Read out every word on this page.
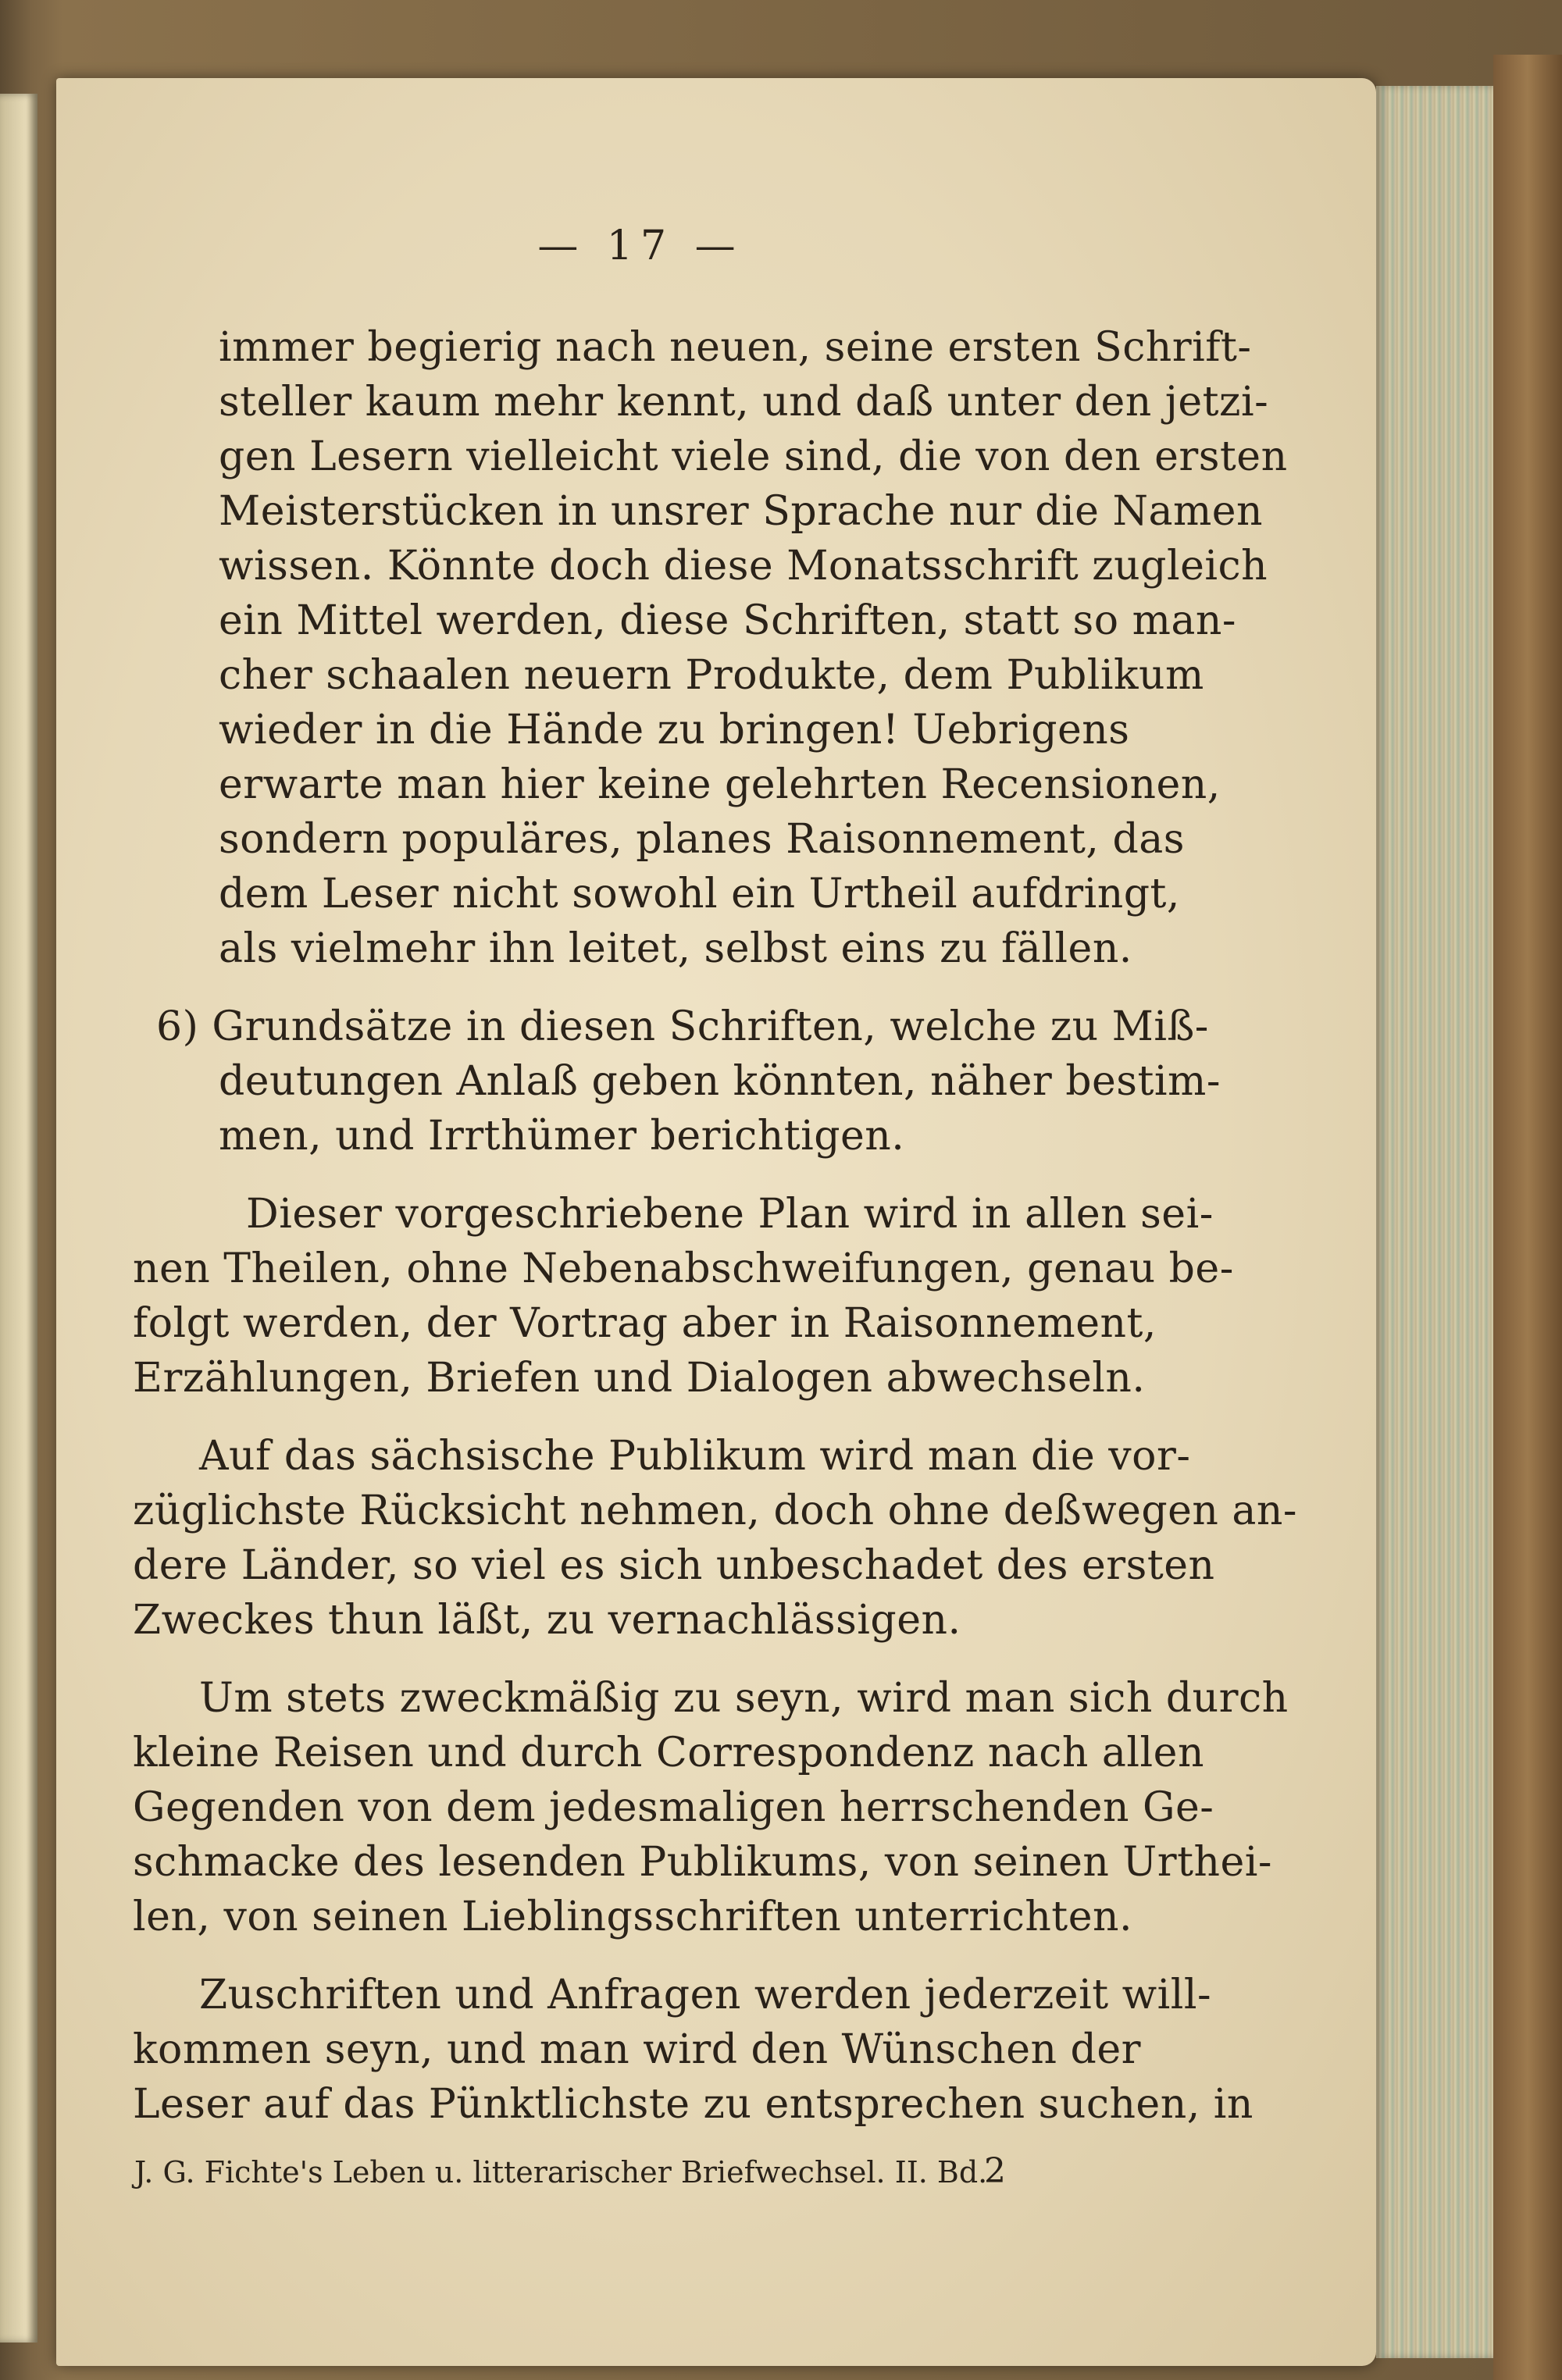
— 17 —
immer begierig nach neuen, seine ersten Schrift-
steller kaum mehr kennt, und daß unter den jetzi-
gen Lesern vielleicht viele sind, die von den ersten
Meisterstücken in unsrer Sprache nur die Namen
wissen. Könnte doch diese Monatsschrift zugleich
ein Mittel werden, diese Schriften, statt so man-
cher schaalen neuern Produkte, dem Publikum
wieder in die Hände zu bringen! Uebrigens
erwarte man hier keine gelehrten Recensionen,
sondern populäres, planes Raisonnement, das
dem Leser nicht sowohl ein Urtheil aufdringt,
als vielmehr ihn leitet, selbst eins zu fällen.
6) Grundsätze in diesen Schriften, welche zu Miß-
deutungen Anlaß geben könnten, näher bestim-
men, und Irrthümer berichtigen.
Dieser vorgeschriebene Plan wird in allen sei-
nen Theilen, ohne Nebenabschweifungen, genau be-
folgt werden, der Vortrag aber in Raisonnement,
Erzählungen, Briefen und Dialogen abwechseln.
Auf das sächsische Publikum wird man die vor-
züglichste Rücksicht nehmen, doch ohne deßwegen an-
dere Länder, so viel es sich unbeschadet des ersten
Zweckes thun läßt, zu vernachlässigen.
Um stets zweckmäßig zu seyn, wird man sich durch
kleine Reisen und durch Correspondenz nach allen
Gegenden von dem jedesmaligen herrschenden Ge-
schmacke des lesenden Publikums, von seinen Urthei-
len, von seinen Lieblingsschriften unterrichten.
Zuschriften und Anfragen werden jederzeit will-
kommen seyn, und man wird den Wünschen der
Leser auf das Pünktlichste zu entsprechen suchen, in
J. G. Fichte's Leben u. litterarischer Briefwechsel. II. Bd.
2
